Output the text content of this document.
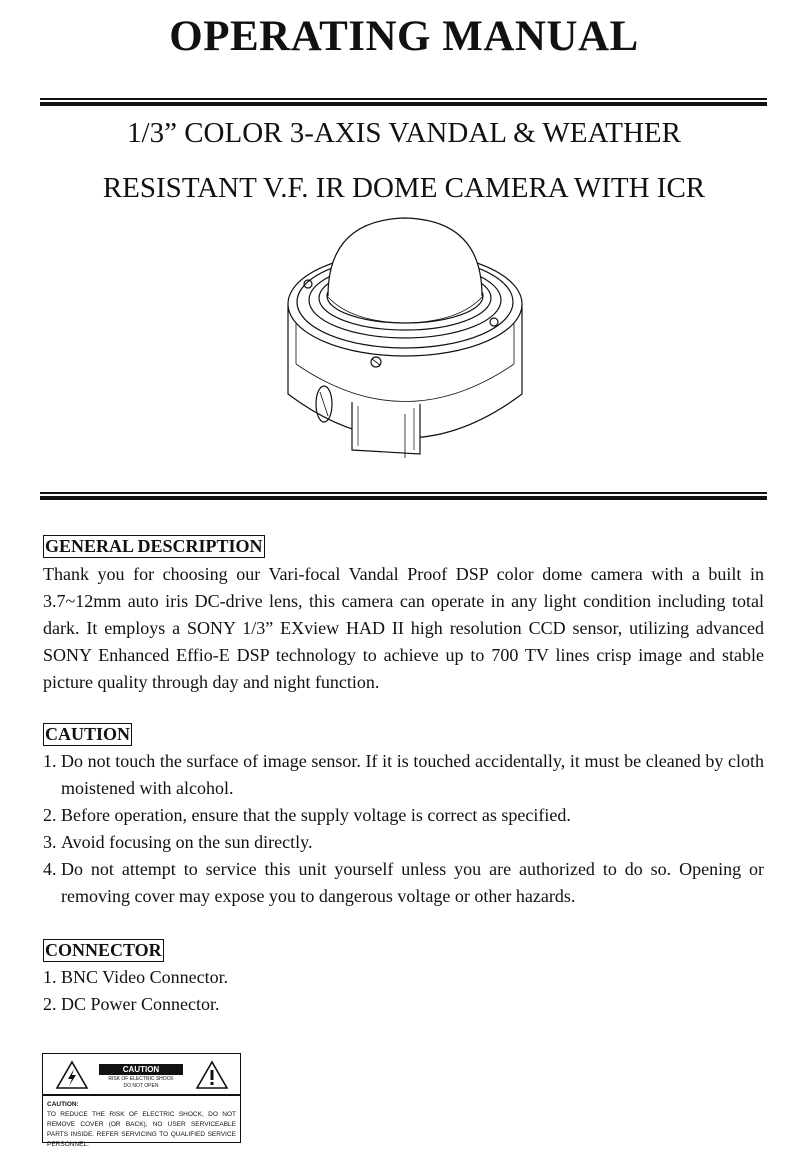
OPERATING MANUAL
1/3” COLOR 3-AXIS VANDAL & WEATHER
RESISTANT V.F. IR DOME CAMERA WITH ICR
GENERAL DESCRIPTION
Thank you for choosing our Vari-focal Vandal Proof DSP color dome camera with a built in 3.7~12mm auto iris DC-drive lens, this camera can operate in any light condition including total dark. It employs a SONY 1/3” EXview HAD II high resolution CCD sensor, utilizing advanced SONY Enhanced Effio-E DSP technology to achieve up to 700 TV lines crisp image and stable picture quality through day and night function.
CAUTION
1. Do not touch the surface of image sensor. If it is touched accidentally, it must be cleaned by cloth moistened with alcohol.
2. Before operation, ensure that the supply voltage is correct as specified.
3. Avoid focusing on the sun directly.
4. Do not attempt to service this unit yourself unless you are authorized to do so. Opening or removing cover may expose you to dangerous voltage or other hazards.
CONNECTOR
1. BNC Video Connector.
2. DC Power Connector.
CAUTION
RISK OF ELECTRIC SHOCK
DO NOT OPEN
CAUTION:
TO REDUCE THE RISK OF ELECTRIC SHOCK, DO NOT REMOVE COVER (OR BACK), NO USER SERVICEABLE PARTS INSIDE. REFER SERVICING TO QUALIFIED SERVICE PERSONNEL.
